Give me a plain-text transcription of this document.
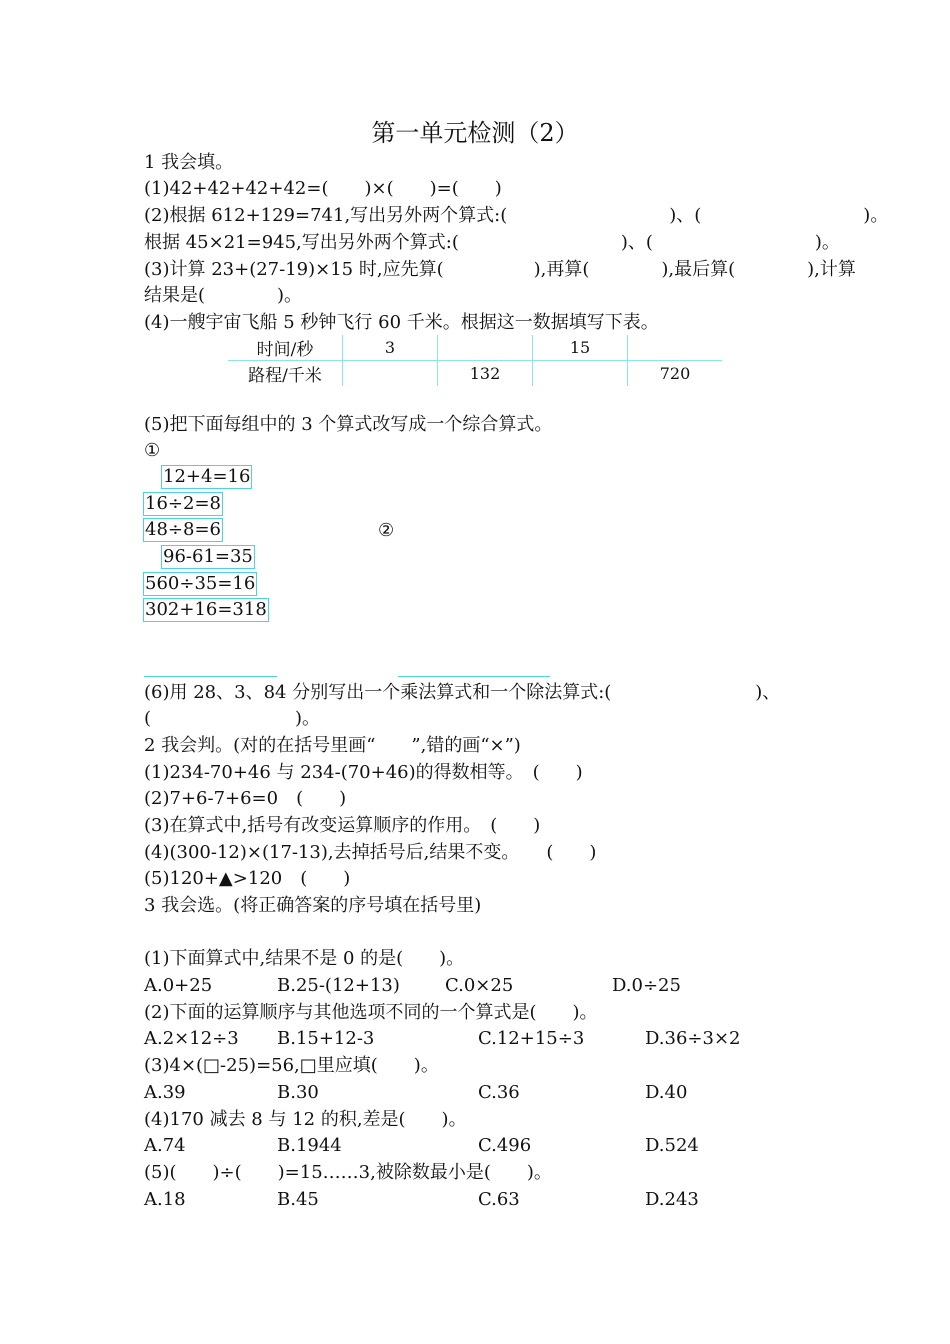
第一单元检测（2）
1 我会填。
(1)42+42+42+42=(　　)×(　　)=(　　)
(2)根据 612+129=741,写出另外两个算式:(　　　　　　　　　)、(　　　　　　　　　)。
根据 45×21=945,写出另外两个算式:(　　　　　　　　　)、(　　　　　　　　　)。
(3)计算 23+(27-19)×15 时,应先算(　　　　　),再算(　　　　),最后算(　　　　),计算
结果是(　　　　)。
(4)一艘宇宙飞船 5 秒钟飞行 60 千米。根据这一数据填写下表。
时间/秒	3		15	
路程/千米		132		720
(5)把下面每组中的 3 个算式改写成一个综合算式。
①
12+4=16
16÷2=8
48÷8=6	②
96-61=35
560÷35=16
302+16=318
(6)用 28、3、84 分别写出一个乘法算式和一个除法算式:(　　　　　　　　)、
(　　　　　　　　)。
2 我会判。(对的在括号里画“　　”,错的画“×”)
(1)234-70+46 与 234-(70+46)的得数相等。　(　　)
(2)7+6-7+6=0　(　　)
(3)在算式中,括号有改变运算顺序的作用。　(　　)
(4)(300-12)×(17-13),去掉括号后,结果不变。　　(　　)
(5)120+▲>120　(　　)
3 我会选。(将正确答案的序号填在括号里)
(1)下面算式中,结果不是 0 的是(　　)。
A.0+25	B.25-(12+13)	C.0×25	D.0÷25
(2)下面的运算顺序与其他选项不同的一个算式是(　　)。
A.2×12÷3 B.15+12-3	C.12+15÷3	D.36÷3×2
(3)4×(□-25)=56,□里应填(　　)。
A.39	B.30	C.36	D.40
(4)170 减去 8 与 12 的积,差是(　　)。
A.74	B.1944	C.496	D.524
(5)(　　)÷(　　)=15……3,被除数最小是(　　)。
A.18	B.45	C.63	D.243
